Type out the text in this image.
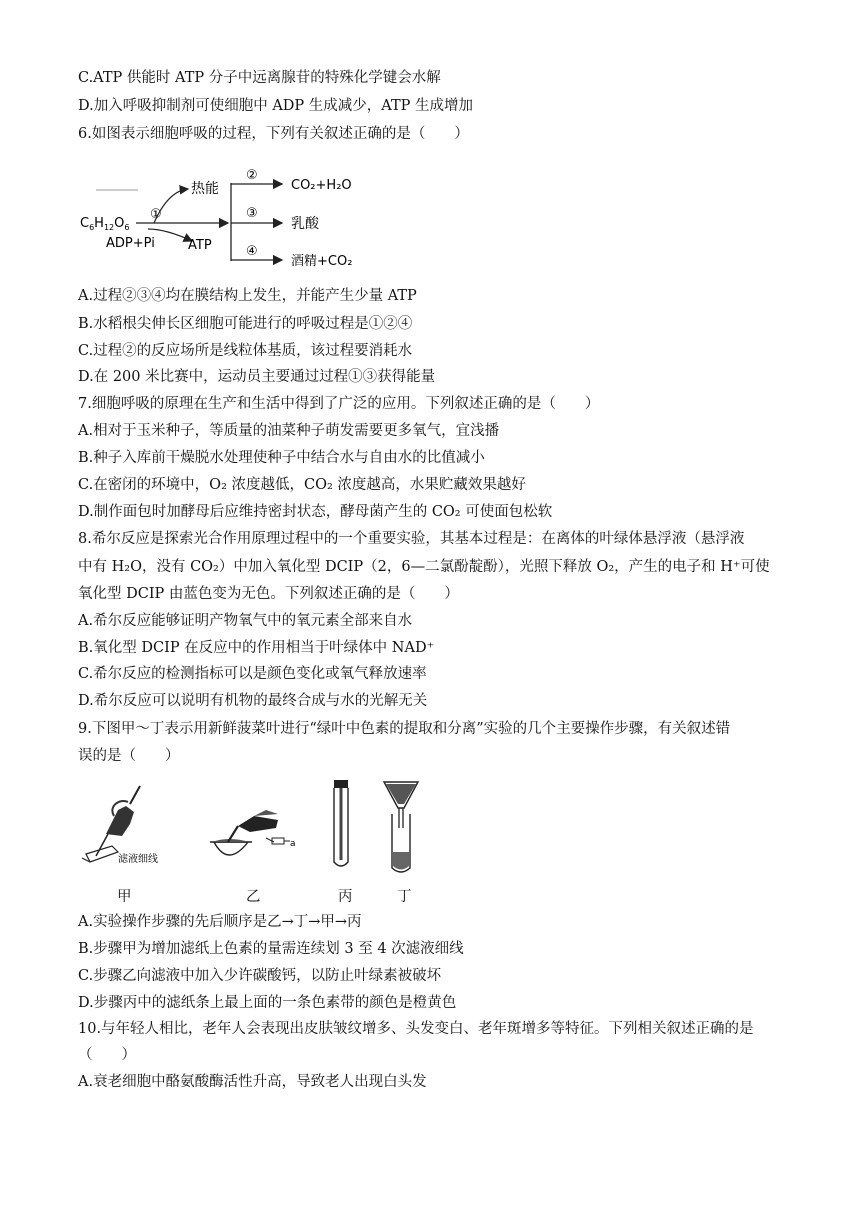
C.ATP 供能时 ATP 分子中远离腺苷的特殊化学键会水解
D.加入呼吸抑制剂可使细胞中 ADP 生成减少，ATP 生成增加
6.如图表示细胞呼吸的过程，下列有关叙述正确的是（　　）
热能
①
$C_6H_{12}O_6$
ADP+Pi	ATP
②
③
④
CO₂+H₂O
乳酸
酒精+CO₂
A.过程②③④均在膜结构上发生，并能产生少量 ATP
B.水稻根尖伸长区细胞可能进行的呼吸过程是①②④
C.过程②的反应场所是线粒体基质，该过程要消耗水
D.在 200 米比赛中，运动员主要通过过程①③获得能量
7.细胞呼吸的原理在生产和生活中得到了广泛的应用。下列叙述正确的是（　　）
A.相对于玉米种子，等质量的油菜种子萌发需要更多氧气，宜浅播
B.种子入库前干燥脱水处理使种子中结合水与自由水的比值减小
C.在密闭的环境中，O₂ 浓度越低，CO₂ 浓度越高，水果贮藏效果越好
D.制作面包时加酵母后应维持密封状态，酵母菌产生的 CO₂ 可使面包松软
8.希尔反应是探索光合作用原理过程中的一个重要实验，其基本过程是：在离体的叶绿体悬浮液（悬浮液
中有 H₂O，没有 CO₂）中加入氧化型 DCIP（2，6—二氯酚靛酚），光照下释放 O₂，产生的电子和 H⁺可使
氧化型 DCIP 由蓝色变为无色。下列叙述正确的是（　　）
A.希尔反应能够证明产物氧气中的氧元素全部来自水
B.氧化型 DCIP 在反应中的作用相当于叶绿体中 NAD⁺
C.希尔反应的检测指标可以是颜色变化或氧气释放速率
D.希尔反应可以说明有机物的最终合成与水的光解无关
9.下图甲～丁表示用新鲜菠菜叶进行“绿叶中色素的提取和分离”实验的几个主要操作步骤，有关叙述错
误的是（　　）
滤液细线
a
甲	乙	丙	丁
A.实验操作步骤的先后顺序是乙→丁→甲→丙
B.步骤甲为增加滤纸上色素的量需连续划 3 至 4 次滤液细线
C.步骤乙向滤液中加入少许碳酸钙，以防止叶绿素被破坏
D.步骤丙中的滤纸条上最上面的一条色素带的颜色是橙黄色
10.与年轻人相比，老年人会表现出皮肤皱纹增多、头发变白、老年斑增多等特征。下列相关叙述正确的是
（　　）
A.衰老细胞中酪氨酸酶活性升高，导致老人出现白头发
